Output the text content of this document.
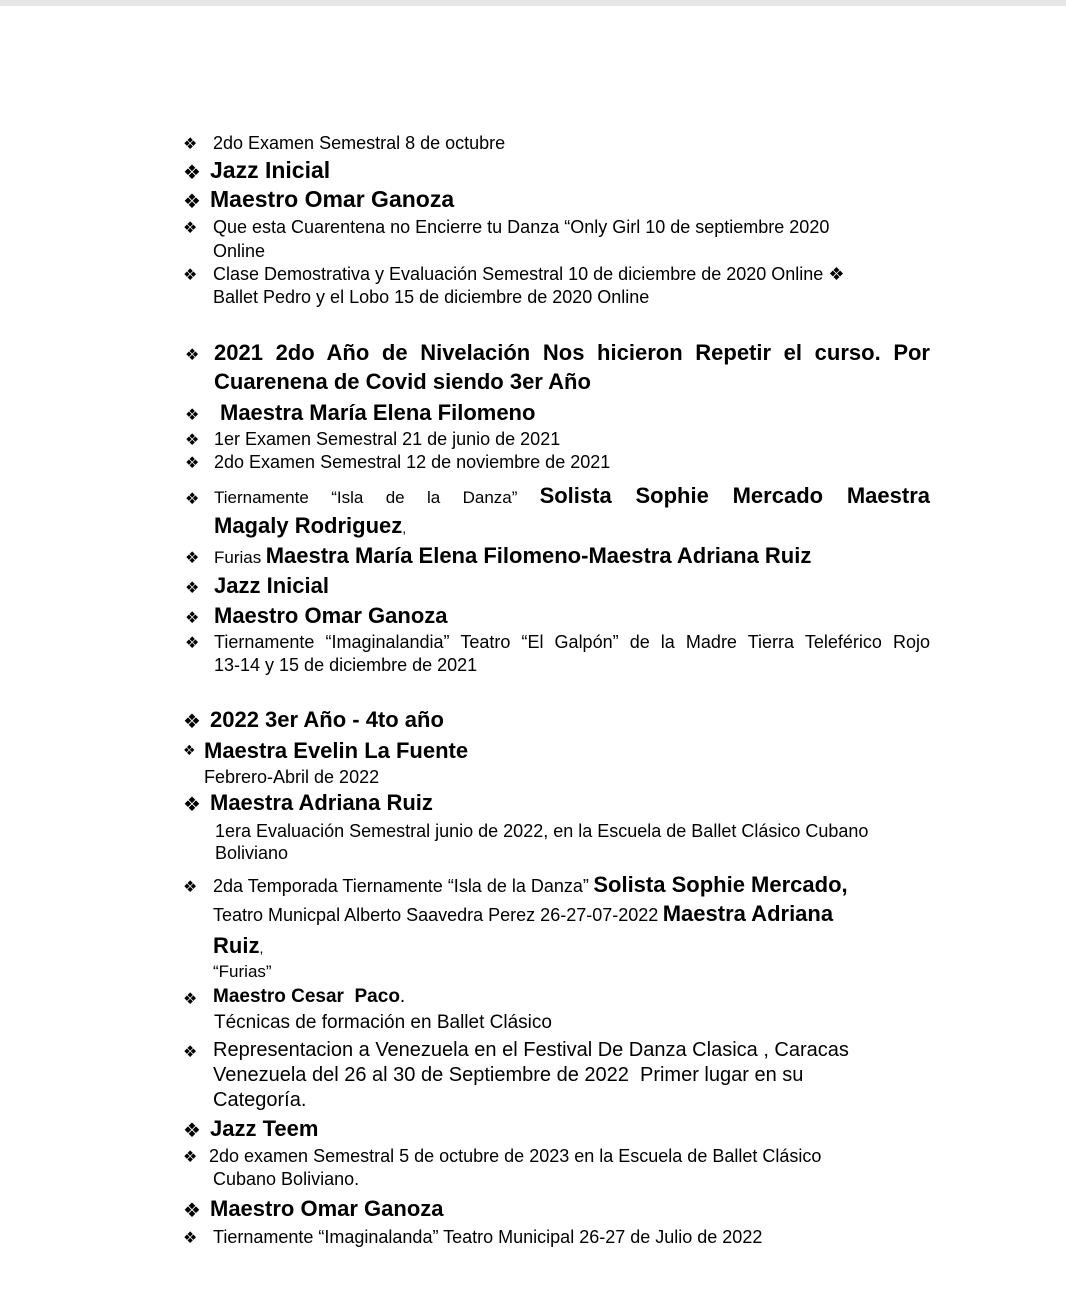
❖
❖
❖
❖
❖
❖
❖
❖
❖
❖
❖
❖
❖
❖
❖
❖
❖
❖
❖
❖
❖
❖
❖
❖
2do Examen Semestral 8 de octubre
Jazz Inicial
Maestro Omar Ganoza
Que esta Cuarentena no Encierre tu Danza “Only Girl 10 de septiembre 2020
Online
Clase Demostrativa y Evaluación Semestral 10 de diciembre de 2020 Online ❖
Ballet Pedro y el Lobo 15 de diciembre de 2020 Online
2021 2do Año de Nivelación Nos hicieron Repetir el curso. Por
Cuarenena de Covid siendo 3er Año
Maestra María Elena Filomeno
1er Examen Semestral 21 de junio de 2021
2do Examen Semestral 12 de noviembre de 2021
Tiernamente “Isla de la Danza” Solista Sophie Mercado Maestra
Magaly Rodriguez,
Furias Maestra María Elena Filomeno-Maestra Adriana Ruiz
Jazz Inicial
Maestro Omar Ganoza
Tiernamente “Imaginalandia” Teatro “El Galpón” de la Madre Tierra Teleférico Rojo
13-14 y 15 de diciembre de 2021
2022 3er Año - 4to año
Maestra Evelin La Fuente
Febrero-Abril de 2022
Maestra Adriana Ruiz
1era Evaluación Semestral junio de 2022, en la Escuela de Ballet Clásico Cubano
Boliviano
2da Temporada Tiernamente “Isla de la Danza” Solista Sophie Mercado,
Teatro Municpal Alberto Saavedra Perez 26-27-07-2022 Maestra Adriana
Ruiz,
“Furias”
Maestro Cesar  Paco.
Técnicas de formación en Ballet Clásico
Representacion a Venezuela en el Festival De Danza Clasica , Caracas
Venezuela del 26 al 30 de Septiembre de 2022  Primer lugar en su
Categoría.
Jazz Teem
2do examen Semestral 5 de octubre de 2023 en la Escuela de Ballet Clásico
Cubano Boliviano.
Maestro Omar Ganoza
Tiernamente “Imaginalanda” Teatro Municipal 26-27 de Julio de 2022
